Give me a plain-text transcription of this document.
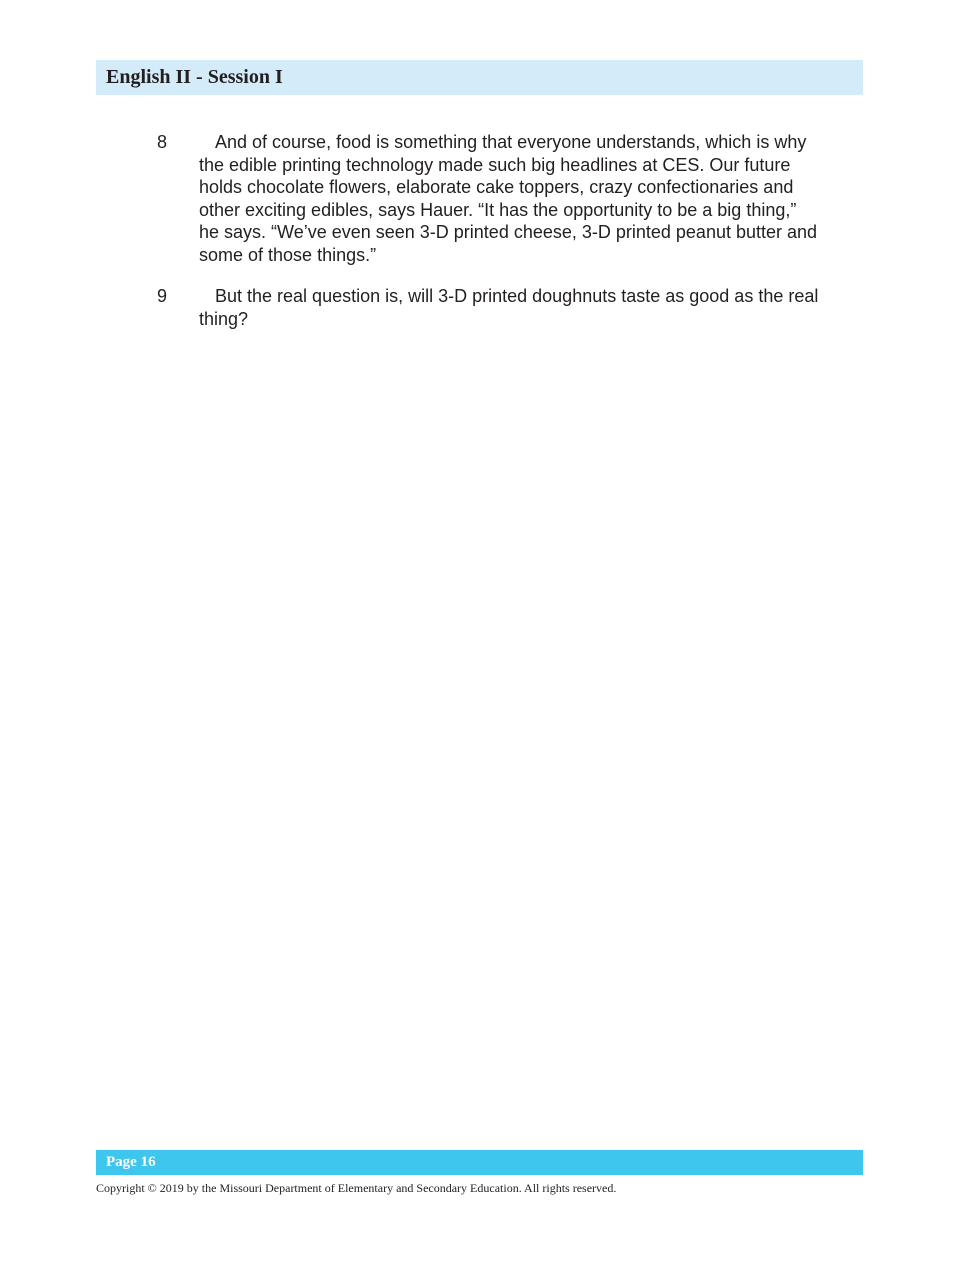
English II - Session I
8	And of course, food is something that everyone understands, which is why
the edible printing technology made such big headlines at CES. Our future
holds chocolate flowers, elaborate cake toppers, crazy confectionaries and
other exciting edibles, says Hauer. “It has the opportunity to be a big thing,”
he says. “We’ve even seen 3-D printed cheese, 3-D printed peanut butter and
some of those things.”
9	But the real question is, will 3-D printed doughnuts taste as good as the real
thing?
Page 16
Copyright © 2019 by the Missouri Department of Elementary and Secondary Education. All rights reserved.
